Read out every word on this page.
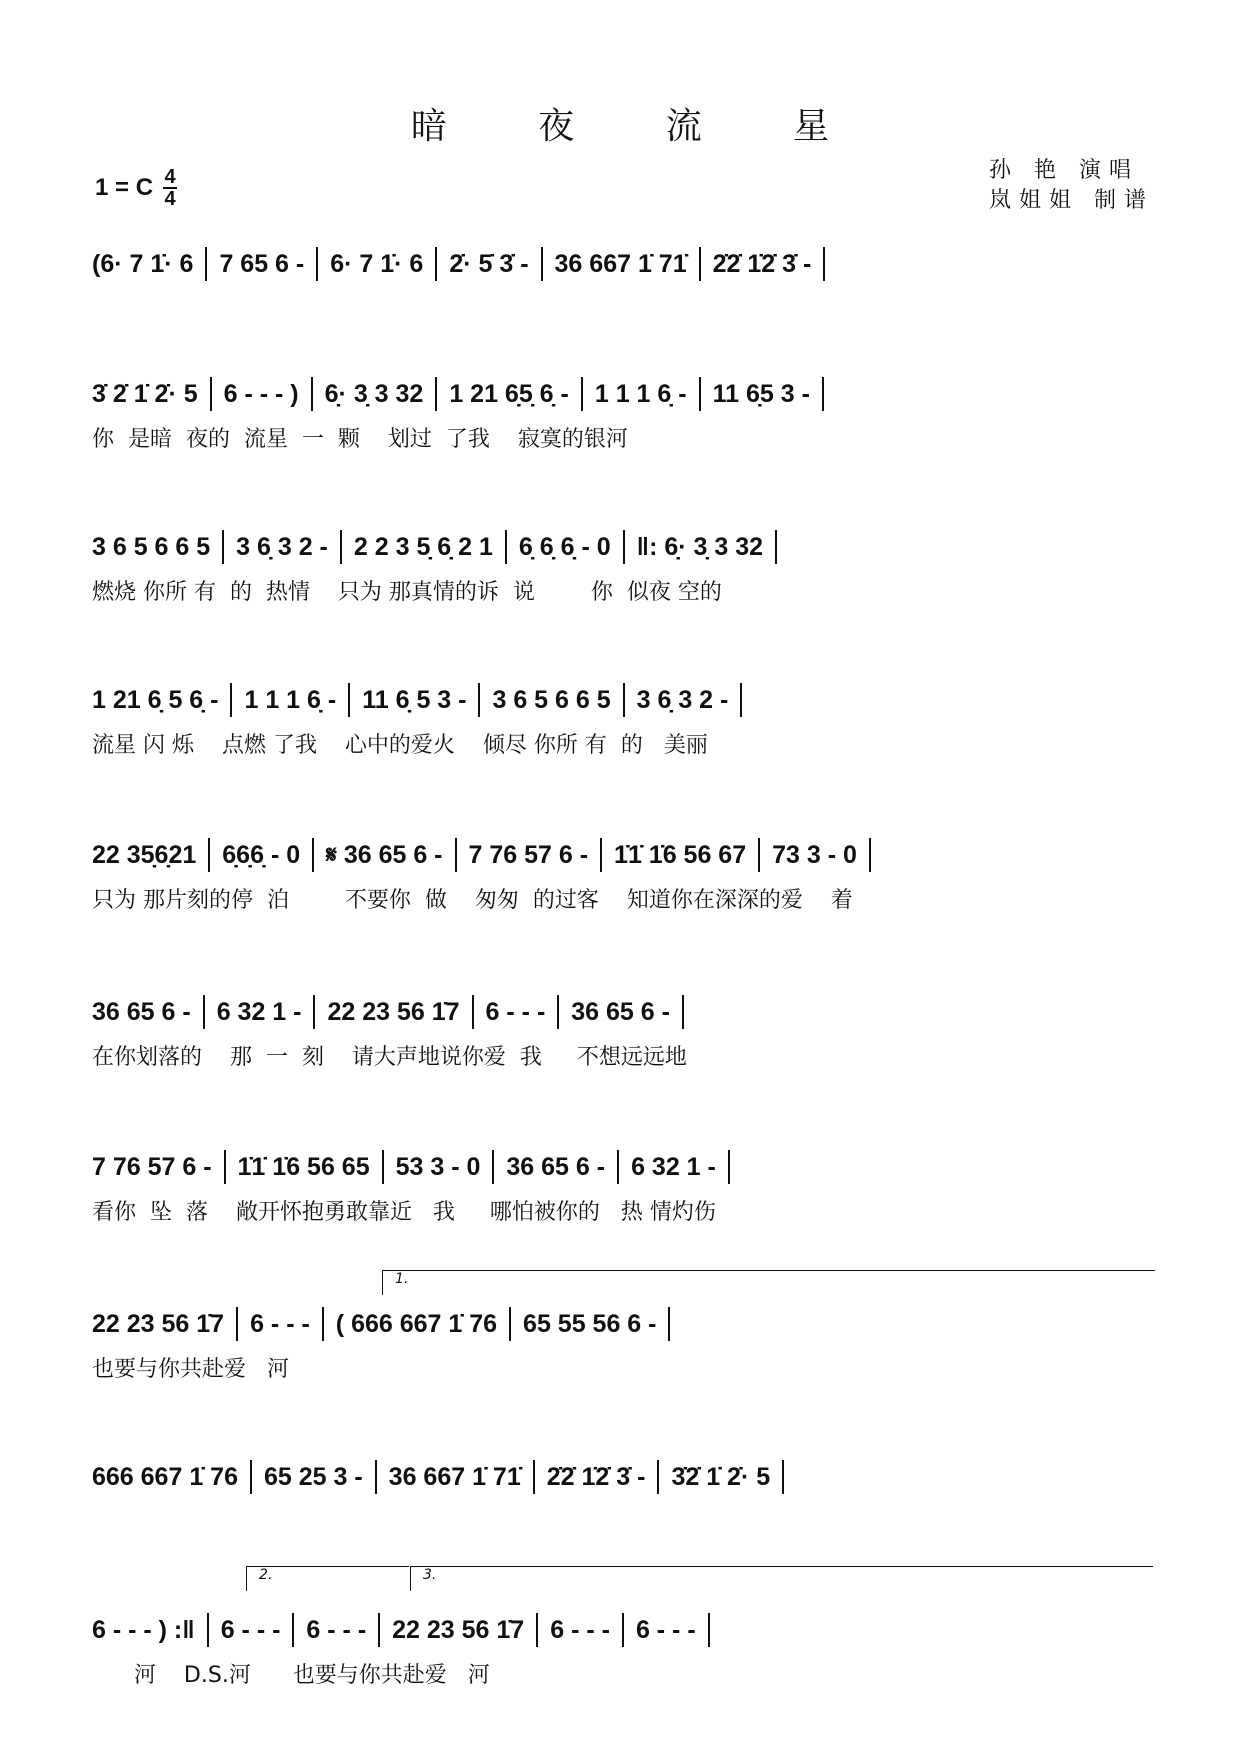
暗 夜 流 星
1 = C $\frac{4}{4}$	孙 艳 演唱
岚姐姐 制谱
(6· 7 1̇· 6 7 65 6 - 6· 7 1̇· 6 2̇· 5̇ 3̇ - 36 667 1̇ 71̇ 2̇2̇ 1̇2̇ 3̇ -
3̇ 2̇ 1̇ 2̇· 5 6 - - - ) 6̣· 3̣ 3 32 1 21 6̣5̣ 6̣ - 1 1 1 6̣ - 11 6̣5 3 -
你  是暗  夜的  流星  一  颗    划过  了我    寂寞的银河
3 6 5 6 6 5 3 6̣ 3 2 - 2 2 3 5̣ 6̣ 2 1 6̣ 6̣ 6̣ - 0 ‖: 6̣· 3̣ 3 32
燃烧 你所 有  的  热情    只为 那真情的诉  说        你  似夜 空的
1 21 6̣ 5 6̣ - 1 1 1 6̣ - 11 6̣ 5 3 - 3 6 5 6 6 5 3 6̣ 3 2 -
流星 闪 烁    点燃 了我    心中的爱火    倾尽 你所 有  的   美丽
22 35̣6̣21 6̣6̣6̣ - 0 𝄋 36 65 6 - 7 76 57 6 - 1̇1̇ 1̇6 56 67 73 3 - 0
只为 那片刻的停  泊        不要你  做    匆匆  的过客    知道你在深深的爱    着
36 65 6 - 6 32 1 - 22 23 56 1̇7 6 - - - 36 65 6 -
在你划落的    那  一  刻    请大声地说你爱  我     不想远远地
7 76 57 6 - 1̇1̇ 1̇6 56 65 53 3 - 0 36 65 6 - 6 32 1 -
看你  坠  落    敞开怀抱勇敢靠近   我     哪怕被你的   热 情灼伤
22 23 56 1̇7 6 - - - ( 666 667 1̇ 76 65 55 56 6 -
也要与你共赴爱   河
666 667 1̇ 76 65 25 3 - 36 667 1̇ 71̇ 2̇2̇ 1̇2̇ 3̇ - 3̇2̇ 1̇ 2̇· 5
6 - - - ) :‖ 6 - - - 6 - - - 22 23 56 1̇7 6 - - - 6 - - -
河    D.S.河      也要与你共赴爱   河
1.
2.	3.
